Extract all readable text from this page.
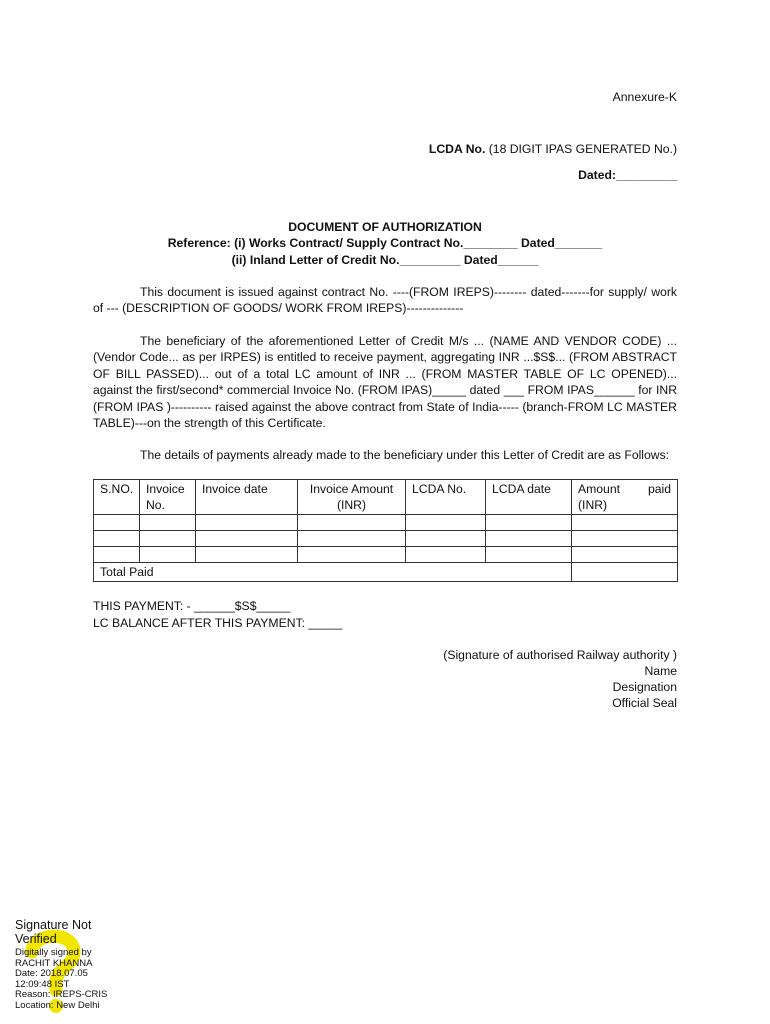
Annexure-K
LCDA No. (18 DIGIT IPAS GENERATED No.)
Dated:_________
DOCUMENT OF AUTHORIZATION
Reference: (i) Works Contract/ Supply Contract No.________ Dated_______
(ii) Inland Letter of Credit No._________ Dated______

This document is issued against contract No. ----(FROM IREPS)-------- dated-------for supply/ work of --- (DESCRIPTION OF GOODS/ WORK FROM IREPS)--------------

The beneficiary of the aforementioned Letter of Credit M/s ... (NAME AND VENDOR CODE) ... (Vendor Code... as per IRPES) is entitled to receive payment, aggregating INR ...$S$... (FROM ABSTRACT OF BILL PASSED)... out of a total LC amount of INR ... (FROM MASTER TABLE OF LC OPENED)... against the first/second* commercial Invoice No. (FROM IPAS)_____ dated ___ FROM IPAS______ for INR (FROM IPAS )---------- raised against the above contract from State of India----- (branch-FROM LC MASTER TABLE)---on the strength of this Certificate.

The details of payments already made to the beneficiary under this Letter of Credit are as Follows:

S.NO.	Invoice No.	Invoice date	Invoice Amount (INR)	LCDA No.	LCDA date	Amount paid
(INR)

Total Paid						
THIS PAYMENT: - ______$S$_____
LC BALANCE AFTER THIS PAYMENT: _____
(Signature of authorised Railway authority )
Name
Designation
Official Seal
Signature Not
Verified
Digitally signed by
RACHIT KHANNA
Date: 2018.07.05
12:09:48 IST
Reason: IREPS-CRIS
Location: New Delhi
